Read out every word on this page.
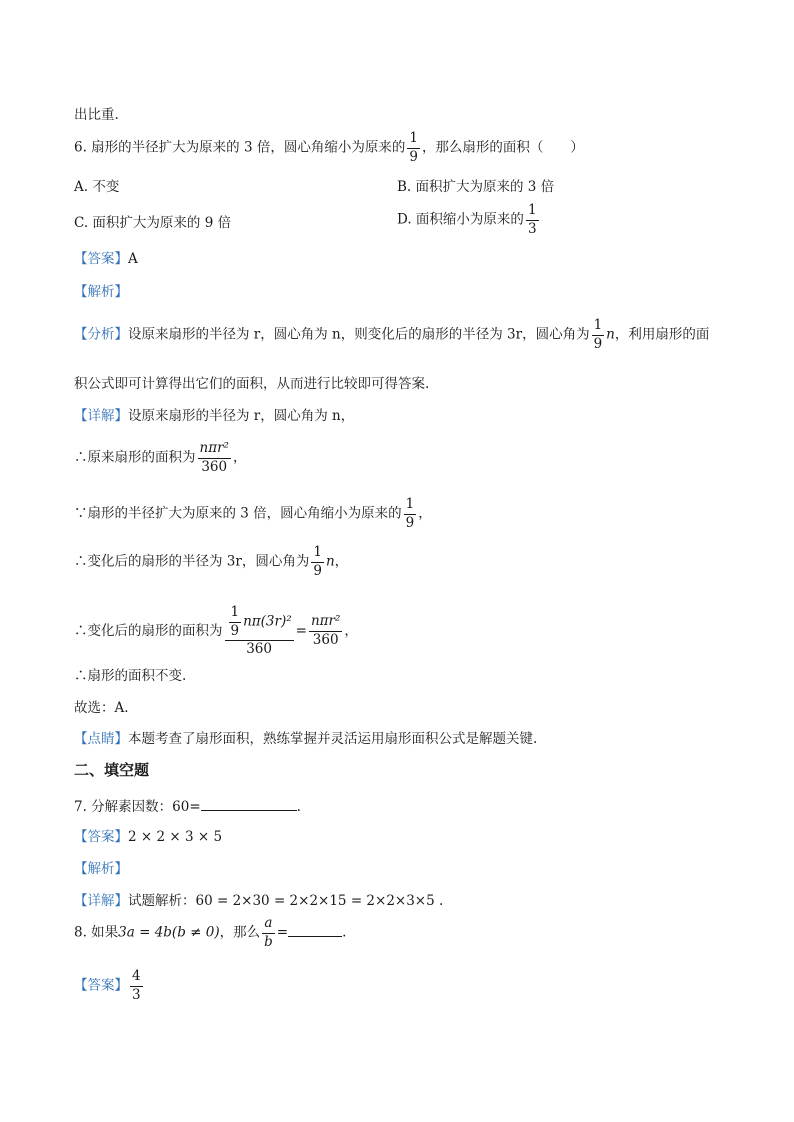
出比重.
6. 扇形的半径扩大为原来的 3 倍，圆心角缩小为原来的 $\frac{1}{9}$ ，那么扇形的面积（　　）
A. 不变	B. 面积扩大为原来的 3 倍
C. 面积扩大为原来的 9 倍	D. 面积缩小为原来的 $\frac{1}{3}$
【答案】A
【解析】
【分析】设原来扇形的半径为 r，圆心角为 n，则变化后的扇形的半径为 3r，圆心角为 $\frac{1}{9}$ n，利用扇形的面
积公式即可计算得出它们的面积，从而进行比较即可得答案.
【详解】设原来扇形的半径为 r，圆心角为 n，
∴原来扇形的面积为 $\frac{\text{nπr²}}{360}$ ，
∵扇形的半径扩大为原来的 3 倍，圆心角缩小为原来的 $\frac{1}{9}$ ，
∴变化后的扇形的半径为 3r，圆心角为 $\frac{1}{9}$ n，
∴变化后的扇形的面积为 $\frac{\frac{1}{9} n\pi(3r)^2}{360} = \frac{\text{nπr²}}{360}$ ，
∴扇形的面积不变.
故选：A.
【点睛】本题考查了扇形面积，熟练掌握并灵活运用扇形面积公式是解题关键.
二、填空题
7. 分解素因数：60=	.
【答案】2 × 2 × 3 × 5
【解析】
【详解】试题解析：60 = 2×30 = 2×2×15 = 2×2×3×5 .
8. 如果3a = 4b(b ≠ 0)，那么 $\frac{a}{b}$ =	.
【答案】 $\frac{4}{3}$
